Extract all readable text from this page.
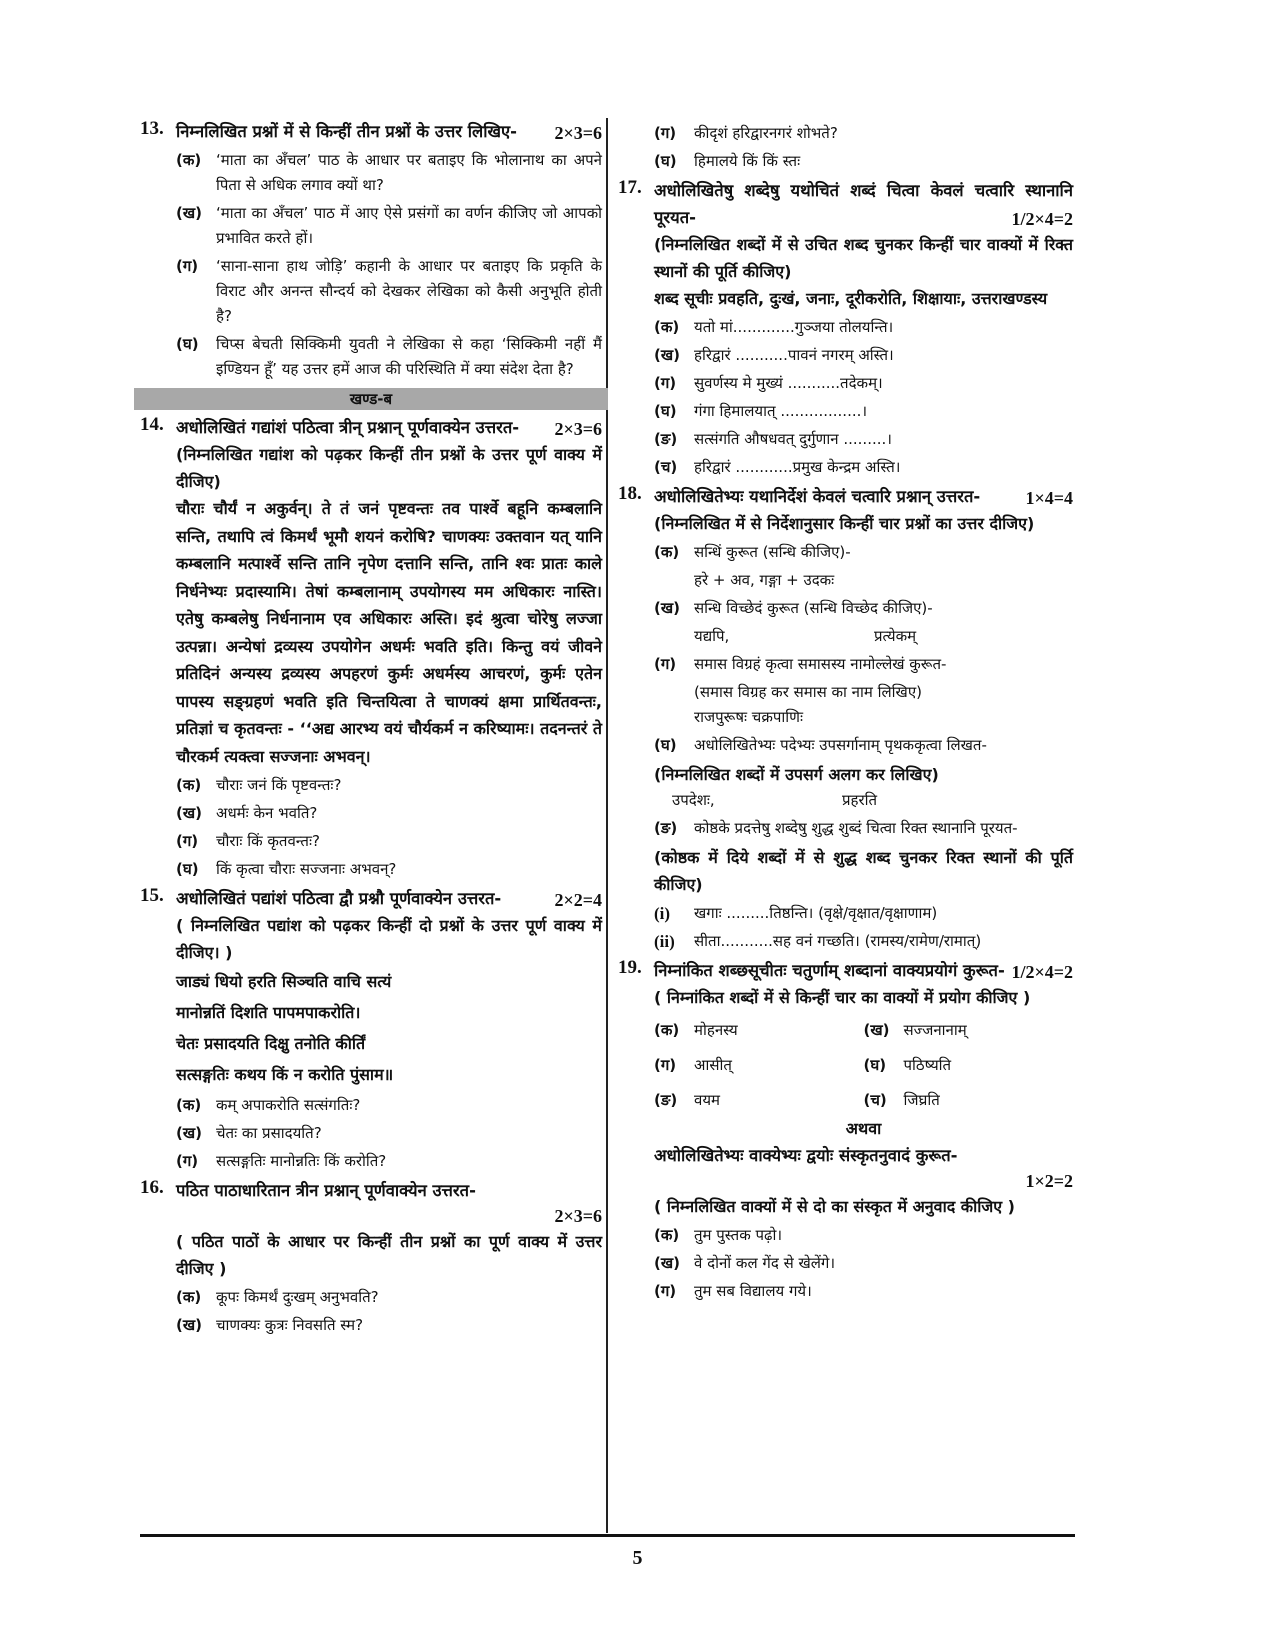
13. निम्नलिखित प्रश्नों में से किन्हीं तीन प्रश्नों के उत्तर लिखिए-	2×3=6
(क) ‘माता का अँचल’ पाठ के आधार पर बताइए कि भोलानाथ का अपने पिता से अधिक लगाव क्यों था?
(ख) ‘माता का अँचल’ पाठ में आए ऐसे प्रसंगों का वर्णन कीजिए जो आपको प्रभावित करते हों।
(ग) ‘साना-साना हाथ जोड़ि’ कहानी के आधार पर बताइए कि प्रकृति के विराट और अनन्त सौन्दर्य को देखकर लेखिका को कैसी अनुभूति होती है?
(घ) चिप्स बेचती सिक्किमी युवती ने लेखिका से कहा ‘सिक्किमी नहीं मैं इण्डियन हूँ’ यह उत्तर हमें आज की परिस्थिति में क्या संदेश देता है?
खण्ड-ब
14. अधोलिखितं गद्यांशं पठित्वा त्रीन् प्रश्नान् पूर्णवाक्येन उत्तरत-	2×3=6
(निम्नलिखित गद्यांश को पढ़कर किन्हीं तीन प्रश्नों के उत्तर पूर्ण वाक्य में दीजिए)
चौराः चौर्यं न अकुर्वन्। ते तं जनं पृष्टवन्तः तव पार्श्वे बहूनि कम्बलानि सन्ति, तथापि त्वं किमर्थं भूमौ शयनं करोषि? चाणक्यः उक्तवान यत् यानि कम्बलानि मत्पार्श्वे सन्ति तानि नृपेण दत्तानि सन्ति, तानि श्वः प्रातः काले निर्धनेभ्यः प्रदास्यामि। तेषां कम्बलानाम् उपयोगस्य मम अधिकारः नास्ति। एतेषु कम्बलेषु निर्धनानाम एव अधिकारः अस्ति। इदं श्रुत्वा चोरेषु लज्जा उत्पन्ना। अन्येषां द्रव्यस्य उपयोगेन अधर्मः भवति इति। किन्तु वयं जीवने प्रतिदिनं अन्यस्य द्रव्यस्य अपहरणं कुर्मः अधर्मस्य आचरणं, कुर्मः एतेन पापस्य सङ्ग्रहणं भवति इति चिन्तयित्वा ते चाणक्यं क्षमा प्रार्थितवन्तः, प्रतिज्ञां च कृतवन्तः - ‘‘अद्य आरभ्य वयं चौर्यकर्म न करिष्यामः। तदनन्तरं ते चौरकर्म त्यक्त्वा सज्जनाः अभवन्।
(क) चौराः जनं किं पृष्टवन्तः?
(ख) अधर्मः केन भवति?
(ग) चौराः किं कृतवन्तः?
(घ) किं कृत्वा चौराः सज्जनाः अभवन्?
15. अधोलिखितं पद्यांशं पठित्वा द्वौ प्रश्नौ पूर्णवाक्येन उत्तरत-	2×2=4
( निम्नलिखित पद्यांश को पढ़कर किन्हीं दो प्रश्नों के उत्तर पूर्ण वाक्य में दीजिए। )
जाड्यं धियो हरति सिञ्चति वाचि सत्यं
मानोन्नतिं दिशति पापमपाकरोति।
चेतः प्रसादयति दिक्षु तनोति कीर्तिं
सत्सङ्गतिः कथय किं न करोति पुंसाम॥
(क) कम् अपाकरोति सत्संगतिः?
(ख) चेतः का प्रसादयति?
(ग) सत्सङ्गतिः मानोन्नतिः किं करोति?
16. पठित पाठाधारितान त्रीन प्रश्नान् पूर्णवाक्येन उत्तरत-
2×3=6
( पठित पाठों के आधार पर किन्हीं तीन प्रश्नों का पूर्ण वाक्य में उत्तर दीजिए )
(क) कूपः किमर्थं दुःखम् अनुभवति?
(ख) चाणक्यः कुत्रः निवसति स्म?
(ग) कीदृशं हरिद्वारनगरं शोभते?
(घ) हिमालये किं किं स्तः
17. अधोलिखितेषु शब्देषु यथोचितं शब्दं चित्वा केवलं चत्वारि स्थानानि पूरयत-	1/2×4=2
(निम्नलिखित शब्दों में से उचित शब्द चुनकर किन्हीं चार वाक्यों में रिक्त स्थानों की पूर्ति कीजिए)
शब्द सूचीः प्रवहति, दुःखं, जनाः, दूरीकरोति, शिक्षायाः, उत्तराखण्डस्य
(क) यतो मां.............गुञ्जया तोलयन्ति।
(ख) हरिद्वारं ...........पावनं नगरम् अस्ति।
(ग) सुवर्णस्य मे मुख्यं ...........तदेकम्।
(घ) गंगा हिमालयात् .................।
(ङ) सत्संगति औषधवत् दुर्गुणान .........।
(च) हरिद्वारं ............प्रमुख केन्द्रम अस्ति।
18. अधोलिखितेभ्यः यथानिर्देशं केवलं चत्वारि प्रश्नान् उत्तरत-	1×4=4
(निम्नलिखित में से निर्देशानुसार किन्हीं चार प्रश्नों का उत्तर दीजिए)
(क) सन्धिं कुरूत (सन्धि कीजिए)-
हरे + अव, गङ्गा + उदकः
(ख) सन्धि विच्छेदं कुरूत (सन्धि विच्छेद कीजिए)-
यद्यपि,	प्रत्येकम्
(ग) समास विग्रहं कृत्वा समासस्य नामोल्लेखं कुरूत-
(समास विग्रह कर समास का नाम लिखिए)
राजपुरूषः चक्रपाणिः
(घ) अधोलिखितेभ्यः पदेभ्यः उपसर्गानाम् पृथककृत्वा लिखत-
(निम्नलिखित शब्दों में उपसर्ग अलग कर लिखिए)
उपदेशः,	प्रहरति
(ङ) कोष्ठके प्रदत्तेषु शब्देषु शुद्ध शुब्दं चित्वा रिक्त स्थानानि पूरयत-
(कोष्ठक में दिये शब्दों में से शुद्ध शब्द चुनकर रिक्त स्थानों की पूर्ति कीजिए)
(i) खगाः .........तिष्ठन्ति। (वृक्षे/वृक्षात/वृक्षाणाम)
(ii) सीता...........सह वनं गच्छति। (रामस्य/रामेण/रामात्)
19. निम्नांकित शब्छसूचीतः चतुर्णाम् शब्दानां वाक्यप्रयोगं कुरूत- 1/2×4=2
( निम्नांकित शब्दों में से किन्हीं चार का वाक्यों में प्रयोग कीजिए )
(क) मोहनस्य	(ख) सज्जनानाम्
(ग) आसीत्	(घ) पठिष्यति
(ङ) वयम	(च) जिघ्रति
अथवा
अधोलिखितेभ्यः वाक्येभ्यः द्वयोः संस्कृतनुवादं कुरूत-
1×2=2
( निम्नलिखित वाक्यों में से दो का संस्कृत में अनुवाद कीजिए )
(क) तुम पुस्तक पढ़ो।
(ख) वे दोनों कल गेंद से खेलेंगे।
(ग) तुम सब विद्यालय गये।
5
